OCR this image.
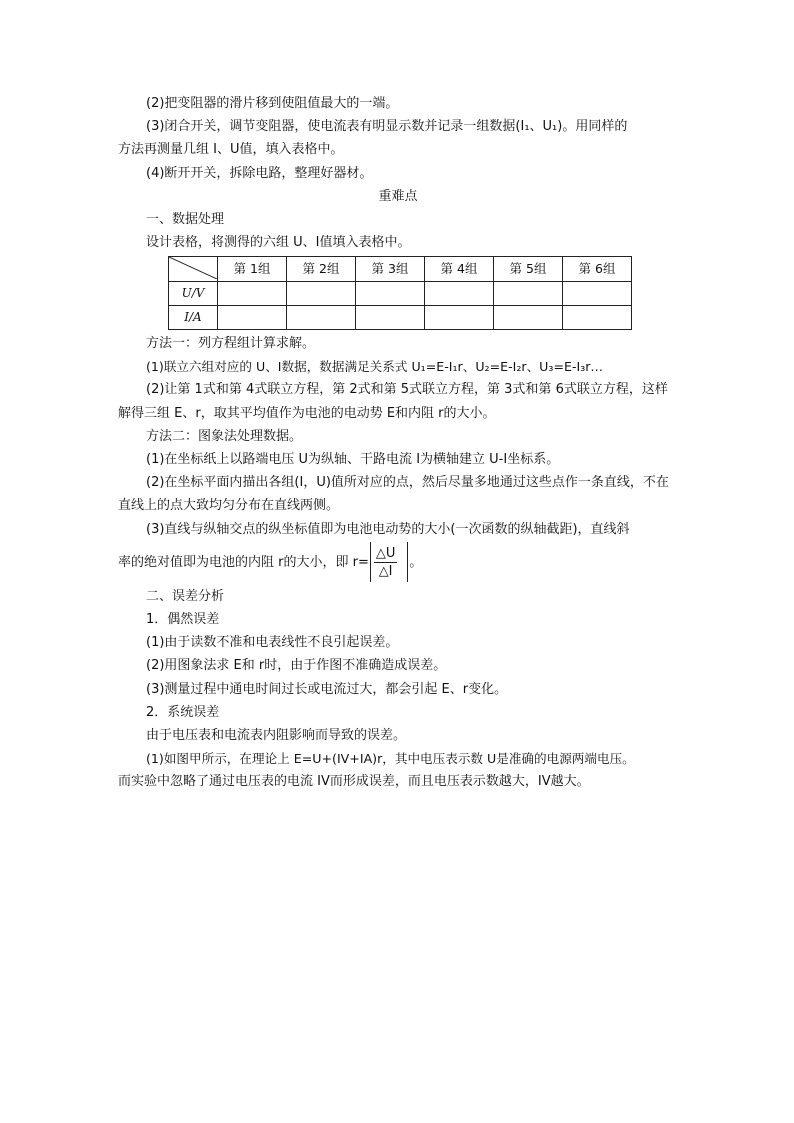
(2)把变阻器的滑片移到使阻值最大的一端。

(3)闭合开关，调节变阻器，使电流表有明显示数并记录一组数据(I₁、U₁)。用同样的

方法再测量几组 I、U值，填入表格中。

(4)断开开关，拆除电路，整理好器材。

重难点

一、数据处理

设计表格，将测得的六组 U、I值填入表格中。

	第 1组	第 2组	第 3组	第 4组	第 5组	第 6组
U/V						
I/A						

方法一：列方程组计算求解。

(1)联立六组对应的 U、I数据，数据满足关系式 U₁=E-I₁r、U₂=E-I₂r、U₃=E-I₃r…

(2)让第 1式和第 4式联立方程，第 2式和第 5式联立方程，第 3式和第 6式联立方程，这样解得三组 E、r，取其平均值作为电池的电动势 E和内阻 r的大小。

方法二：图象法处理数据。

(1)在坐标纸上以路端电压 U为纵轴、干路电流 I为横轴建立 U-I坐标系。

(2)在坐标平面内描出各组(I，U)值所对应的点，然后尽量多地通过这些点作一条直线，不在直线上的点大致均匀分布在直线两侧。

(3)直线与纵轴交点的纵坐标值即为电池电动势的大小(一次函数的纵轴截距)，直线斜

率的绝对值即为电池的内阻 r的大小，即 $r= \frac{\triangle U}{\triangle I}$ 。

二、误差分析

1．偶然误差

(1)由于读数不准和电表线性不良引起误差。

(2)用图象法求 E和 r时，由于作图不准确造成误差。

(3)测量过程中通电时间过长或电流过大，都会引起 E、r变化。

2．系统误差

由于电压表和电流表内阻影响而导致的误差。

(1)如图甲所示，在理论上 E=U+(IV+IA)r，其中电压表示数 U是准确的电源两端电压。

而实验中忽略了通过电压表的电流 IV而形成误差，而且电压表示数越大，IV越大。
